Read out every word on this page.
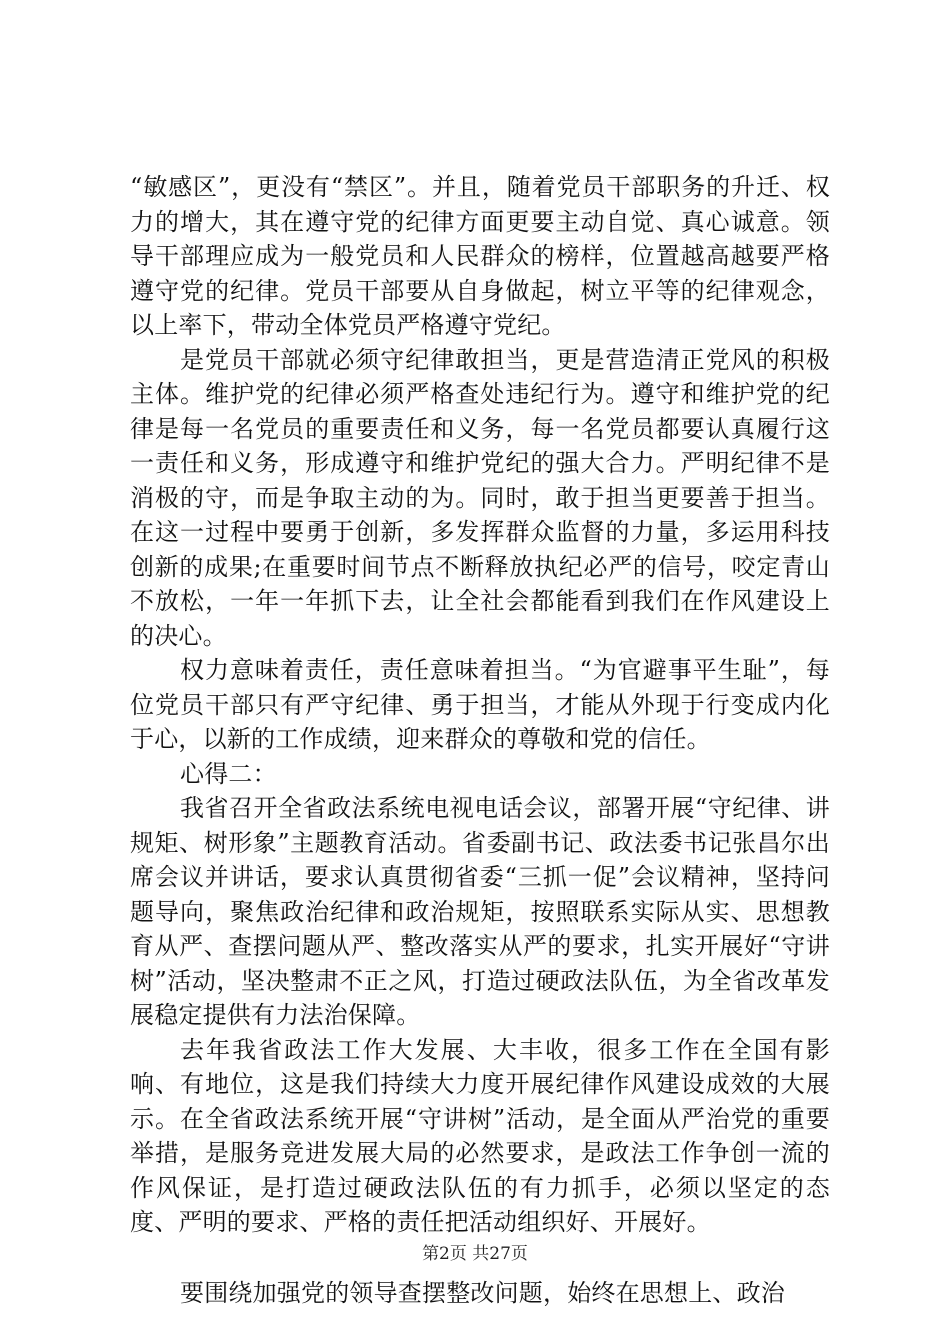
“敏感区”，更没有“禁区”。并且，随着党员干部职务的升迁、权力的增大，其在遵守党的纪律方面更要主动自觉、真心诚意。领导干部理应成为一般党员和人民群众的榜样，位置越高越要严格遵守党的纪律。党员干部要从自身做起，树立平等的纪律观念，以上率下，带动全体党员严格遵守党纪。

是党员干部就必须守纪律敢担当，更是营造清正党风的积极主体。维护党的纪律必须严格查处违纪行为。遵守和维护党的纪律是每一名党员的重要责任和义务，每一名党员都要认真履行这一责任和义务，形成遵守和维护党纪的强大合力。严明纪律不是消极的守，而是争取主动的为。同时，敢于担当更要善于担当。在这一过程中要勇于创新，多发挥群众监督的力量，多运用科技创新的成果;在重要时间节点不断释放执纪必严的信号，咬定青山不放松，一年一年抓下去，让全社会都能看到我们在作风建设上的决心。

权力意味着责任，责任意味着担当。“为官避事平生耻”，每位党员干部只有严守纪律、勇于担当，才能从外现于行变成内化于心，以新的工作成绩，迎来群众的尊敬和党的信任。

心得二：

我省召开全省政法系统电视电话会议，部署开展“守纪律、讲规矩、树形象”主题教育活动。省委副书记、政法委书记张昌尔出席会议并讲话，要求认真贯彻省委“三抓一促”会议精神，坚持问题导向，聚焦政治纪律和政治规矩，按照联系实际从实、思想教育从严、查摆问题从严、整改落实从严的要求，扎实开展好“守讲树”活动，坚决整肃不正之风，打造过硬政法队伍，为全省改革发展稳定提供有力法治保障。

去年我省政法工作大发展、大丰收，很多工作在全国有影响、有地位，这是我们持续大力度开展纪律作风建设成效的大展示。在全省政法系统开展“守讲树”活动，是全面从严治党的重要举措，是服务竞进发展大局的必然要求，是政法工作争创一流的作风保证，是打造过硬政法队伍的有力抓手，必须以坚定的态度、严明的要求、严格的责任把活动组织好、开展好。

要围绕加强党的领导查摆整改问题，始终在思想上、政治

第2页 共27页
